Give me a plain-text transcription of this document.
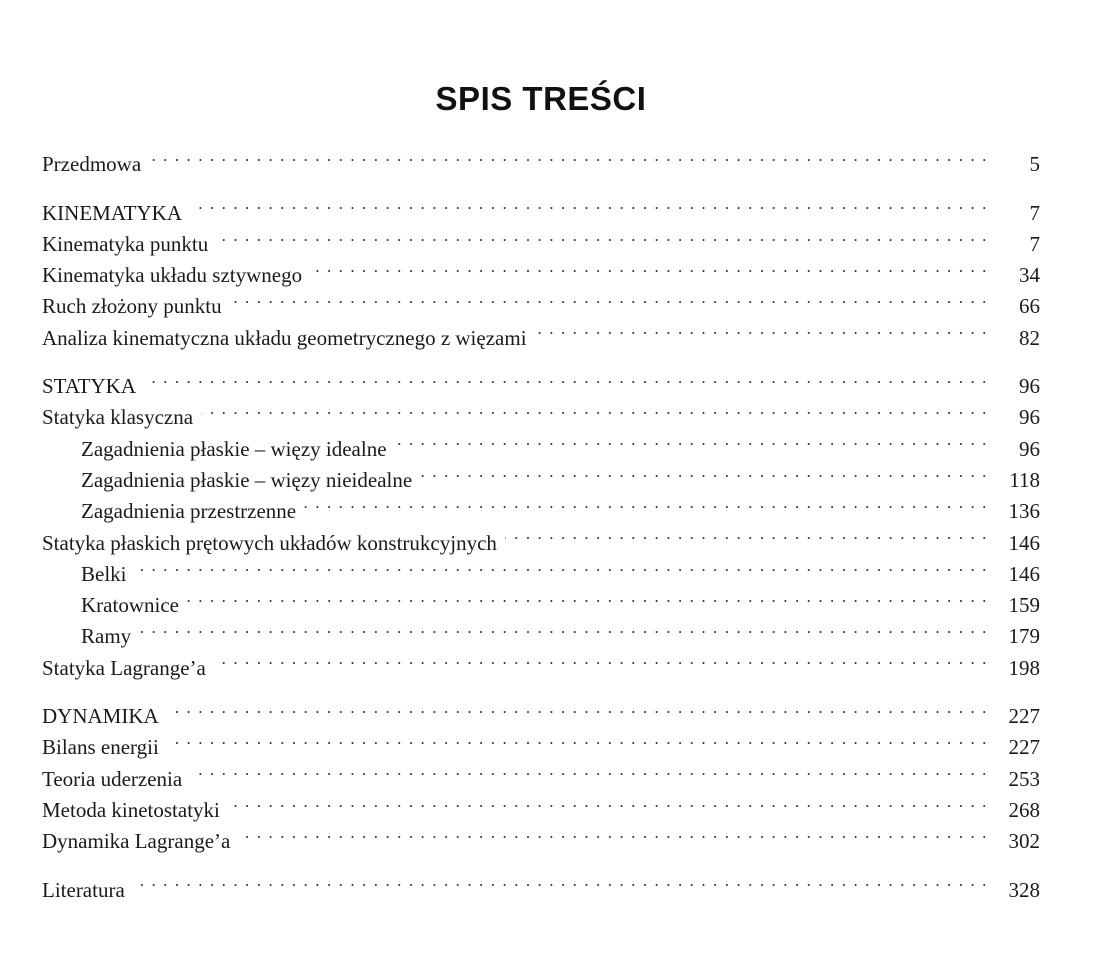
SPIS TREŚCI
Przedmowa . . .	5
KINEMATYKA . . .	7
Kinematyka punktu . . .	7
Kinematyka układu sztywnego . . .	34
Ruch złożony punktu . . .	66
Analiza kinematyczna układu geometrycznego z więzami . . .	82
STATYKA . . .	96
Statyka klasyczna . . .	96
Zagadnienia płaskie – więzy idealne . . .	96
Zagadnienia płaskie – więzy nieidealne . . .	118
Zagadnienia przestrzenne . . .	136
Statyka płaskich prętowych układów konstrukcyjnych . . .	146
Belki . . .	146
Kratownice . . .	159
Ramy . . .	179
Statyka Lagrange’a . . .	198
DYNAMIKA . . .	227
Bilans energii . . .	227
Teoria uderzenia . . .	253
Metoda kinetostatyki . . .	268
Dynamika Lagrange’a . . .	302
Literatura . . .	328
